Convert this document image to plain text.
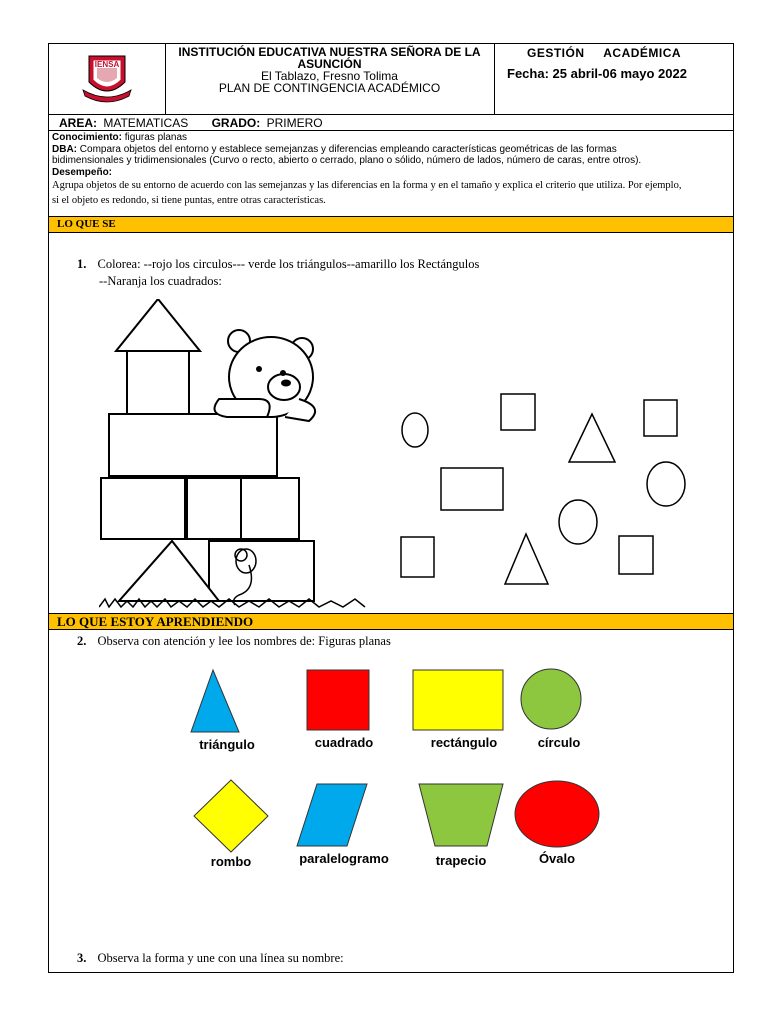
IENSA
INSTITUCIÓN EDUCATIVA NUESTRA SEÑORA DE LA
ASUNCIÓN
El Tablazo, Fresno Tolima
PLAN DE CONTINGENCIA ACADÉMICO
GESTIÓN     ACADÉMICA
Fecha: 25 abril-06 mayo 2022
AREA: MATEMATICAS GRADO: PRIMERO
Conocimiento: figuras planas
DBA: Compara objetos del entorno y establece semejanzas y diferencias empleando características geométricas de las formas
bidimensionales y tridimensionales (Curvo o recto, abierto o cerrado, plano o sólido, número de lados, número de caras, entre otros).
Desempeño:
Agrupa objetos de su entorno de acuerdo con las semejanzas y las diferencias en la forma y en el tamaño y explica el criterio que utiliza. Por ejemplo,
si el objeto es redondo, si tiene puntas, entre otras características.
LO QUE SE
1. Colorea: --rojo los circulos--- verde los triángulos--amarillo los Rectángulos
--Naranja los cuadrados:
LO QUE ESTOY APRENDIENDO
2. Observa con atención y lee los nombres de: Figuras planas
triángulo	cuadrado	rectángulo	círculo
rombo	paralelogramo	trapecio	Óvalo
3. Observa la forma y une con una línea su nombre:
